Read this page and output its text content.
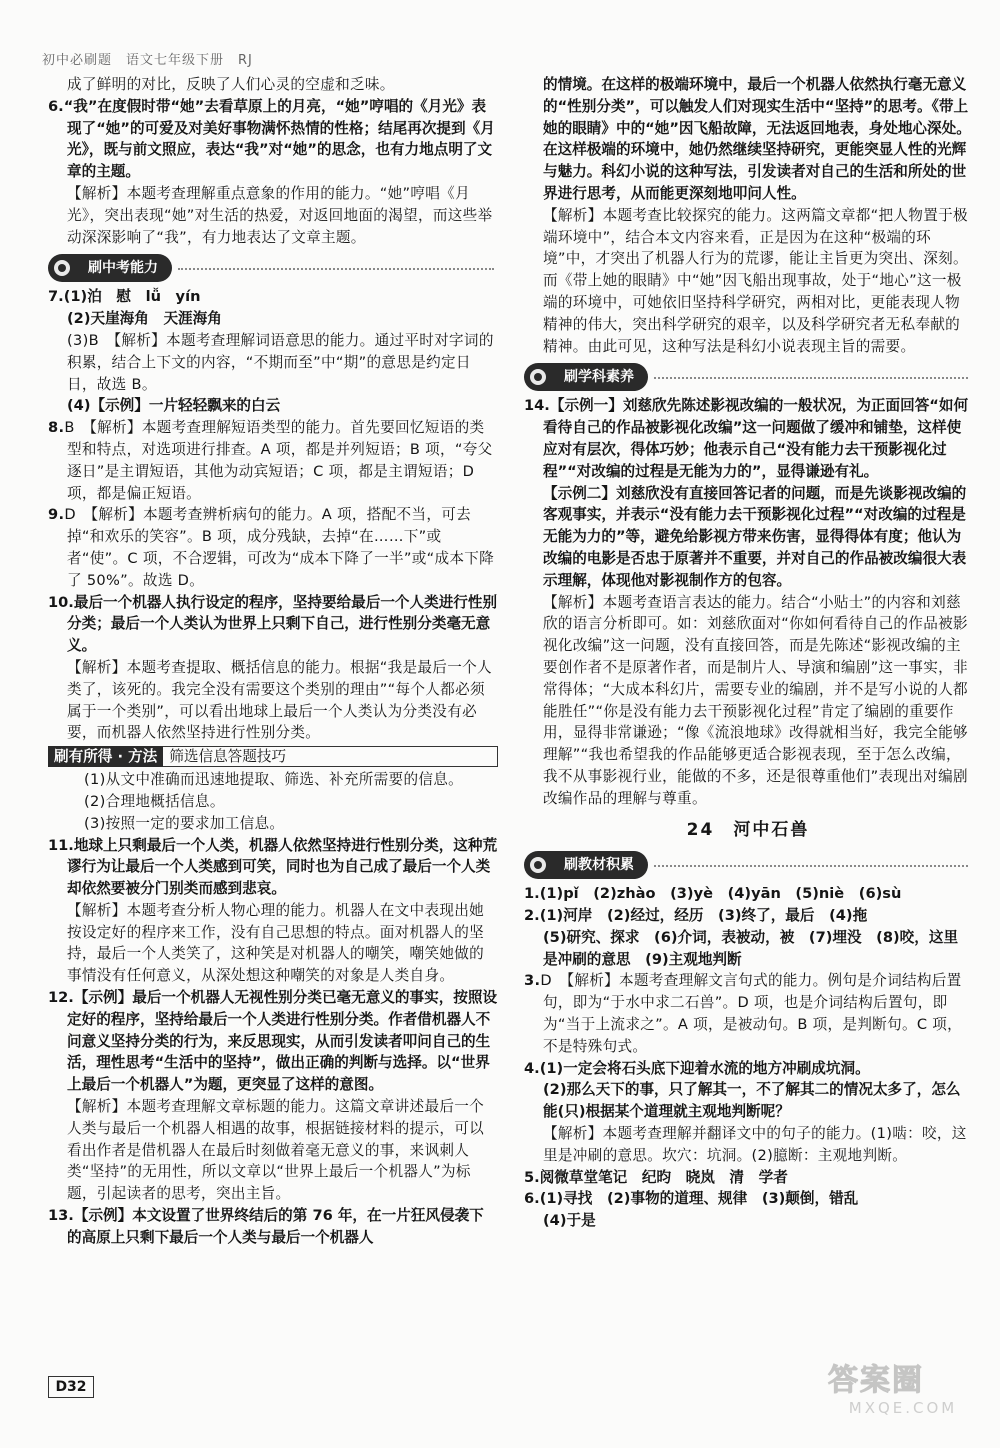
初中必刷题　语文七年级下册　RJ

成了鲜明的对比，反映了人们心灵的空虚和乏味。

6.“我”在度假时带“她”去看草原上的月亮，“她”哼唱的《月光》表现了“她”的可爱及对美好事物满怀热情的性格；结尾再次提到《月光》，既与前文照应，表达“我”对“她”的思念，也有力地点明了文章的主题。

【解析】本题考查理解重点意象的作用的能力。“她”哼唱《月光》，突出表现“她”对生活的热爱，对返回地面的渴望，而这些举动深深影响了“我”，有力地表达了文章主题。

刷中考能力

7.(1)泊　慰　lǚ　yín

(2)天崖海角　天涯海角

(3)B　【解析】本题考查理解词语意思的能力。通过平时对字词的积累，结合上下文的内容，“不期而至”中“期”的意思是约定日日，故选 B。

(4)【示例】一片轻轻飘来的白云

8.B　【解析】本题考查理解短语类型的能力。首先要回忆短语的类型和特点，对选项进行排查。A 项，都是并列短语；B 项，“夸父逐日”是主谓短语，其他为动宾短语；C 项，都是主谓短语；D 项，都是偏正短语。

9.D　【解析】本题考查辨析病句的能力。A 项，搭配不当，可去掉“和欢乐的笑容”。B 项，成分残缺，去掉“在……下”或者“使”。C 项，不合逻辑，可改为“成本下降了一半”或“成本下降了 50%”。故选 D。

10.最后一个机器人执行设定的程序，坚持要给最后一个人类进行性别分类；最后一个人类认为世界上只剩下自己，进行性别分类毫无意义。

【解析】本题考查提取、概括信息的能力。根据“我是最后一个人类了，该死的。我完全没有需要这个类别的理由”“每个人都必须属于一个类别”，可以看出地球上最后一个人类认为分类没有必要，而机器人依然坚持进行性别分类。

刷有所得 · 方法 筛选信息答题技巧

(1)从文中准确而迅速地提取、筛选、补充所需要的信息。

(2)合理地概括信息。

(3)按照一定的要求加工信息。

11.地球上只剩最后一个人类，机器人依然坚持进行性别分类，这种荒谬行为让最后一个人类感到可笑，同时也为自己成了最后一个人类却依然要被分门别类而感到悲哀。

【解析】本题考查分析人物心理的能力。机器人在文中表现出她按设定好的程序来工作，没有自己思想的特点。面对机器人的坚持，最后一个人类笑了，这种笑是对机器人的嘲笑，嘲笑她做的事情没有任何意义，从深处想这种嘲笑的对象是人类自身。

12.【示例】最后一个机器人无视性别分类已毫无意义的事实，按照设定好的程序，坚持给最后一个人类进行性别分类。作者借机器人不问意义坚持分类的行为，来反思现实，从而引发读者叩问自己的生活，理性思考“生活中的坚持”，做出正确的判断与选择。以“世界上最后一个机器人”为题，更突显了这样的意图。

【解析】本题考查理解文章标题的能力。这篇文章讲述最后一个人类与最后一个机器人相遇的故事，根据链接材料的提示，可以看出作者是借机器人在最后时刻做着毫无意义的事，来讽刺人类“坚持”的无用性，所以文章以“世界上最后一个机器人”为标题，引起读者的思考，突出主旨。

13.【示例】本文设置了世界终结后的第 76 年，在一片狂风侵袭下的高原上只剩下最后一个人类与最后一个机器人

的情境。在这样的极端环境中，最后一个机器人依然执行毫无意义的“性别分类”，可以触发人们对现实生活中“坚持”的思考。《带上她的眼睛》中的“她”因飞船故障，无法返回地表，身处地心深处。在这样极端的环境中，她仍然继续坚持研究，更能突显人性的光辉与魅力。科幻小说的这种写法，引发读者对自己的生活和所处的世界进行思考，从而能更深刻地叩问人性。

【解析】本题考查比较探究的能力。这两篇文章都“把人物置于极端环境中”，结合本文内容来看，正是因为在这种“极端的环境”中，才突出了机器人行为的荒谬，能让主旨更为突出、深刻。而《带上她的眼睛》中“她”因飞船出现事故，处于“地心”这一极端的环境中，可她依旧坚持科学研究，两相对比，更能表现人物精神的伟大，突出科学研究的艰辛，以及科学研究者无私奉献的精神。由此可见，这种写法是科幻小说表现主旨的需要。

刷学科素养

14.【示例一】刘慈欣先陈述影视改编的一般状况，为正面回答“如何看待自己的作品被影视化改编”这一问题做了缓冲和铺垫，这样使应对有层次，得体巧妙；他表示自己“没有能力去干预影视化过程”“对改编的过程是无能为力的”，显得谦逊有礼。

【示例二】刘慈欣没有直接回答记者的问题，而是先谈影视改编的客观事实，并表示“没有能力去干预影视化过程”“对改编的过程是无能为力的”等，避免给影视方带来伤害，显得得体有度；他认为改编的电影是否忠于原著并不重要，并对自己的作品被改编很大表示理解，体现他对影视制作方的包容。

【解析】本题考查语言表达的能力。结合“小贴士”的内容和刘慈欣的语言分析即可。如：刘慈欣面对“你如何看待自己的作品被影视化改编”这一问题，没有直接回答，而是先陈述“影视改编的主要创作者不是原著作者，而是制片人、导演和编剧”这一事实，非常得体；“大成本科幻片，需要专业的编剧，并不是写小说的人都能胜任”“你是没有能力去干预影视化过程”肯定了编剧的重要作用，显得非常谦逊；“像《流浪地球》改得就相当好，我完全能够理解”“我也希望我的作品能够更适合影视表现，至于怎么改编，我不从事影视行业，能做的不多，还是很尊重他们”表现出对编剧改编作品的理解与尊重。

24　河中石兽
刷教材积累

1.(1)pǐ　(2)zhào　(3)yè　(4)yān　(5)niè　(6)sù

2.(1)河岸　(2)经过，经历　(3)终了，最后　(4)拖

(5)研究、探求　(6)介词，表被动，被　(7)埋没　(8)咬，这里是冲刷的意思　(9)主观地判断

3.D　【解析】本题考查理解文言句式的能力。例句是介词结构后置句，即为“于水中求二石兽”。D 项，也是介词结构后置句，即为“当于上流求之”。A 项，是被动句。B 项，是判断句。C 项，不是特殊句式。

4.(1)一定会将石头底下迎着水流的地方冲刷成坑洞。

(2)那么天下的事，只了解其一，不了解其二的情况太多了，怎么能(只)根据某个道理就主观地判断呢？

【解析】本题考查理解并翻译文中的句子的能力。(1)啮：咬，这里是冲刷的意思。坎穴：坑洞。(2)臆断：主观地判断。

5.阅微草堂笔记　纪昀　晓岚　清　学者

6.(1)寻找　(2)事物的道理、规律　(3)颠倒，错乱

(4)于是

D32	答案圈
MXQE.COM
